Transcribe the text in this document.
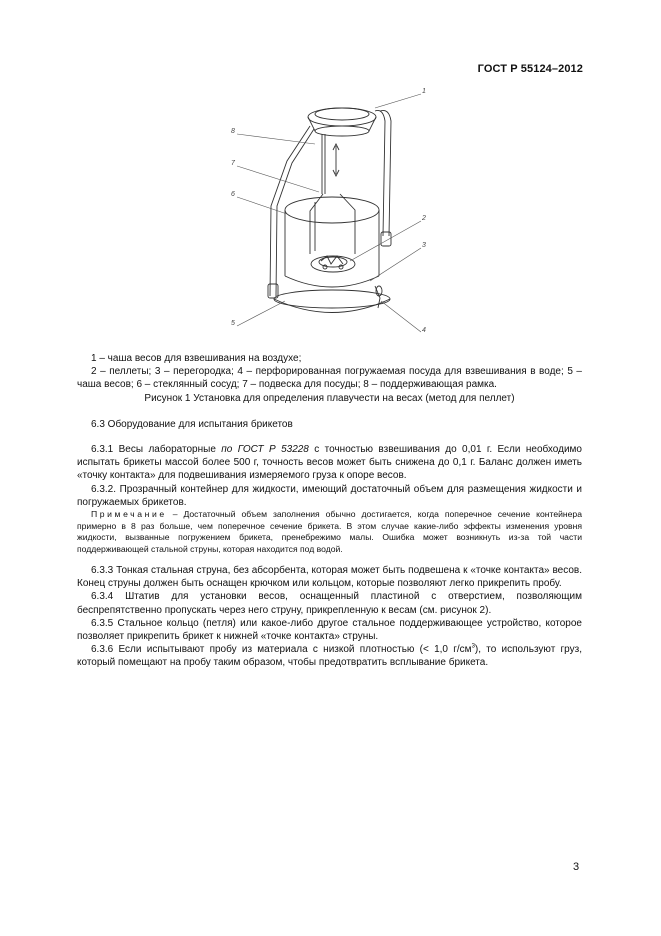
ГОСТ Р 55124–2012
1
8
7
6
2
3
5
4

1 – чаша весов для взвешивания на воздухе;

2 – пеллеты; 3 – перегородка; 4 – перфорированная погружаемая посуда для взвешивания в воде; 5 – чаша весов; 6 – стеклянный сосуд; 7 – подвеска для посуды; 8 – поддерживающая рамка.

Рисунок 1 Установка для определения плавучести на весах (метод для пеллет)

6.3 Оборудование для испытания брикетов

6.3.1 Весы лабораторные по ГОСТ Р 53228 с точностью взвешивания до 0,01 г. Если необходимо испытать брикеты массой более 500 г, точность весов может быть снижена до 0,1 г. Баланс должен иметь «точку контакта» для подвешивания измеряемого груза к опоре весов.

6.3.2. Прозрачный контейнер для жидкости, имеющий достаточный объем для размещения жидкости и погружаемых брикетов.

Примечание – Достаточный объем заполнения обычно достигается, когда поперечное сечение контейнера примерно в 8 раз больше, чем поперечное сечение брикета. В этом случае какие-либо эффекты изменения уровня жидкости, вызванные погружением брикета, пренебрежимо малы. Ошибка может возникнуть из-за той части поддерживающей стальной струны, которая находится под водой.

6.3.3 Тонкая стальная струна, без абсорбента, которая может быть подвешена к «точке контакта» весов. Конец струны должен быть оснащен крючком или кольцом, которые позволяют легко прикрепить пробу.

6.3.4 Штатив для установки весов, оснащенный пластиной с отверстием, позволяющим беспрепятственно пропускать через него струну, прикрепленную к весам (см. рисунок 2).

6.3.5 Стальное кольцо (петля) или какое-либо другое стальное поддерживающее устройство, которое позволяет прикрепить брикет к нижней «точке контакта» струны.

6.3.6 Если испытывают пробу из материала с низкой плотностью (< 1,0 $г/см^3$), то используют груз, который помещают на пробу таким образом, чтобы предотвратить всплывание брикета.

3
